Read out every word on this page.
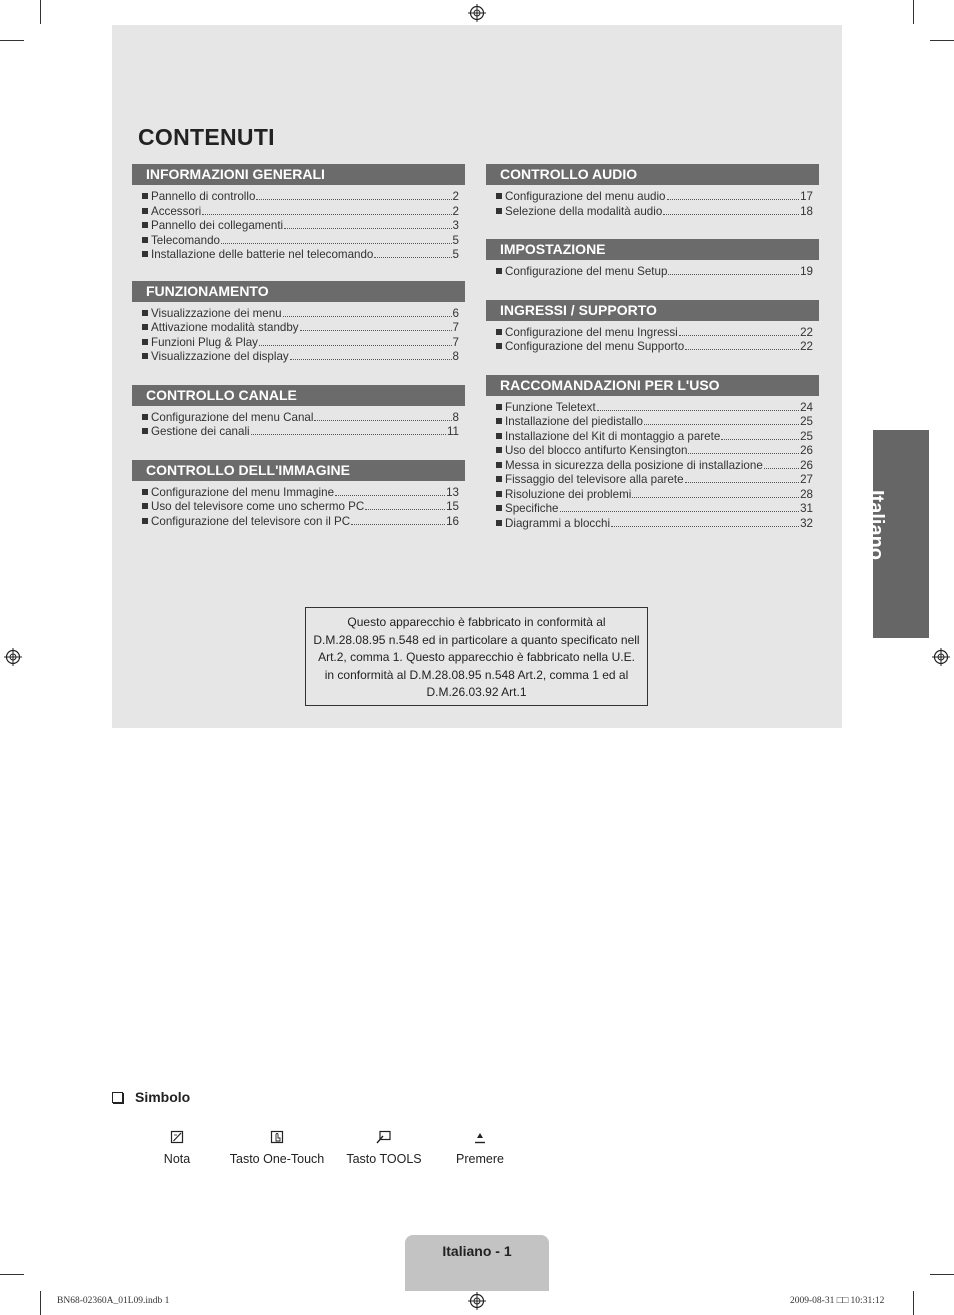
CONTENUTI
INFORMAZIONI GENERALI
Pannello di controllo	2
Accessori	2
Pannello dei collegamenti	3
Telecomando	5
Installazione delle batterie nel telecomando	5
FUNZIONAMENTO
Visualizzazione dei menu	6
Attivazione modalità standby	7
Funzioni Plug & Play	7
Visualizzazione del display	8
CONTROLLO CANALE
Configurazione del menu Canal	8
Gestione dei canali	11
CONTROLLO DELL'IMMAGINE
Configurazione del menu Immagine	13
Uso del televisore come uno schermo PC	15
Configurazione del televisore con il PC	16
CONTROLLO AUDIO
Configurazione del menu audio	17
Selezione della modalità audio	18
IMPOSTAZIONE
Configurazione del menu Setup	19
INGRESSI / SUPPORTO
Configurazione del menu Ingressi	22
Configurazione del menu Supporto	22
RACCOMANDAZIONI PER L'USO
Funzione Teletext	24
Installazione del piedistallo	25
Installazione del Kit di montaggio a parete	25
Uso del blocco antifurto Kensington	26
Messa in sicurezza della posizione di installazione	26
Fissaggio del televisore alla parete	27
Risoluzione dei problemi	28
Specifiche	31
Diagrammi a blocchi	32
Questo apparecchio è fabbricato in conformità al
D.M.28.08.95 n.548 ed in particolare a quanto specificato nell
Art.2, comma 1. Questo apparecchio è fabbricato nella U.E.
in conformità al D.M.28.08.95 n.548 Art.2, comma 1 ed al
D.M.26.03.92 Art.1
Italiano
Simbolo
Nota	Tasto One-Touch	Tasto TOOLS	Premere
Italiano - 1
BN68-02360A_01L09.indb 1	2009-08-31 □□ 10:31:12
